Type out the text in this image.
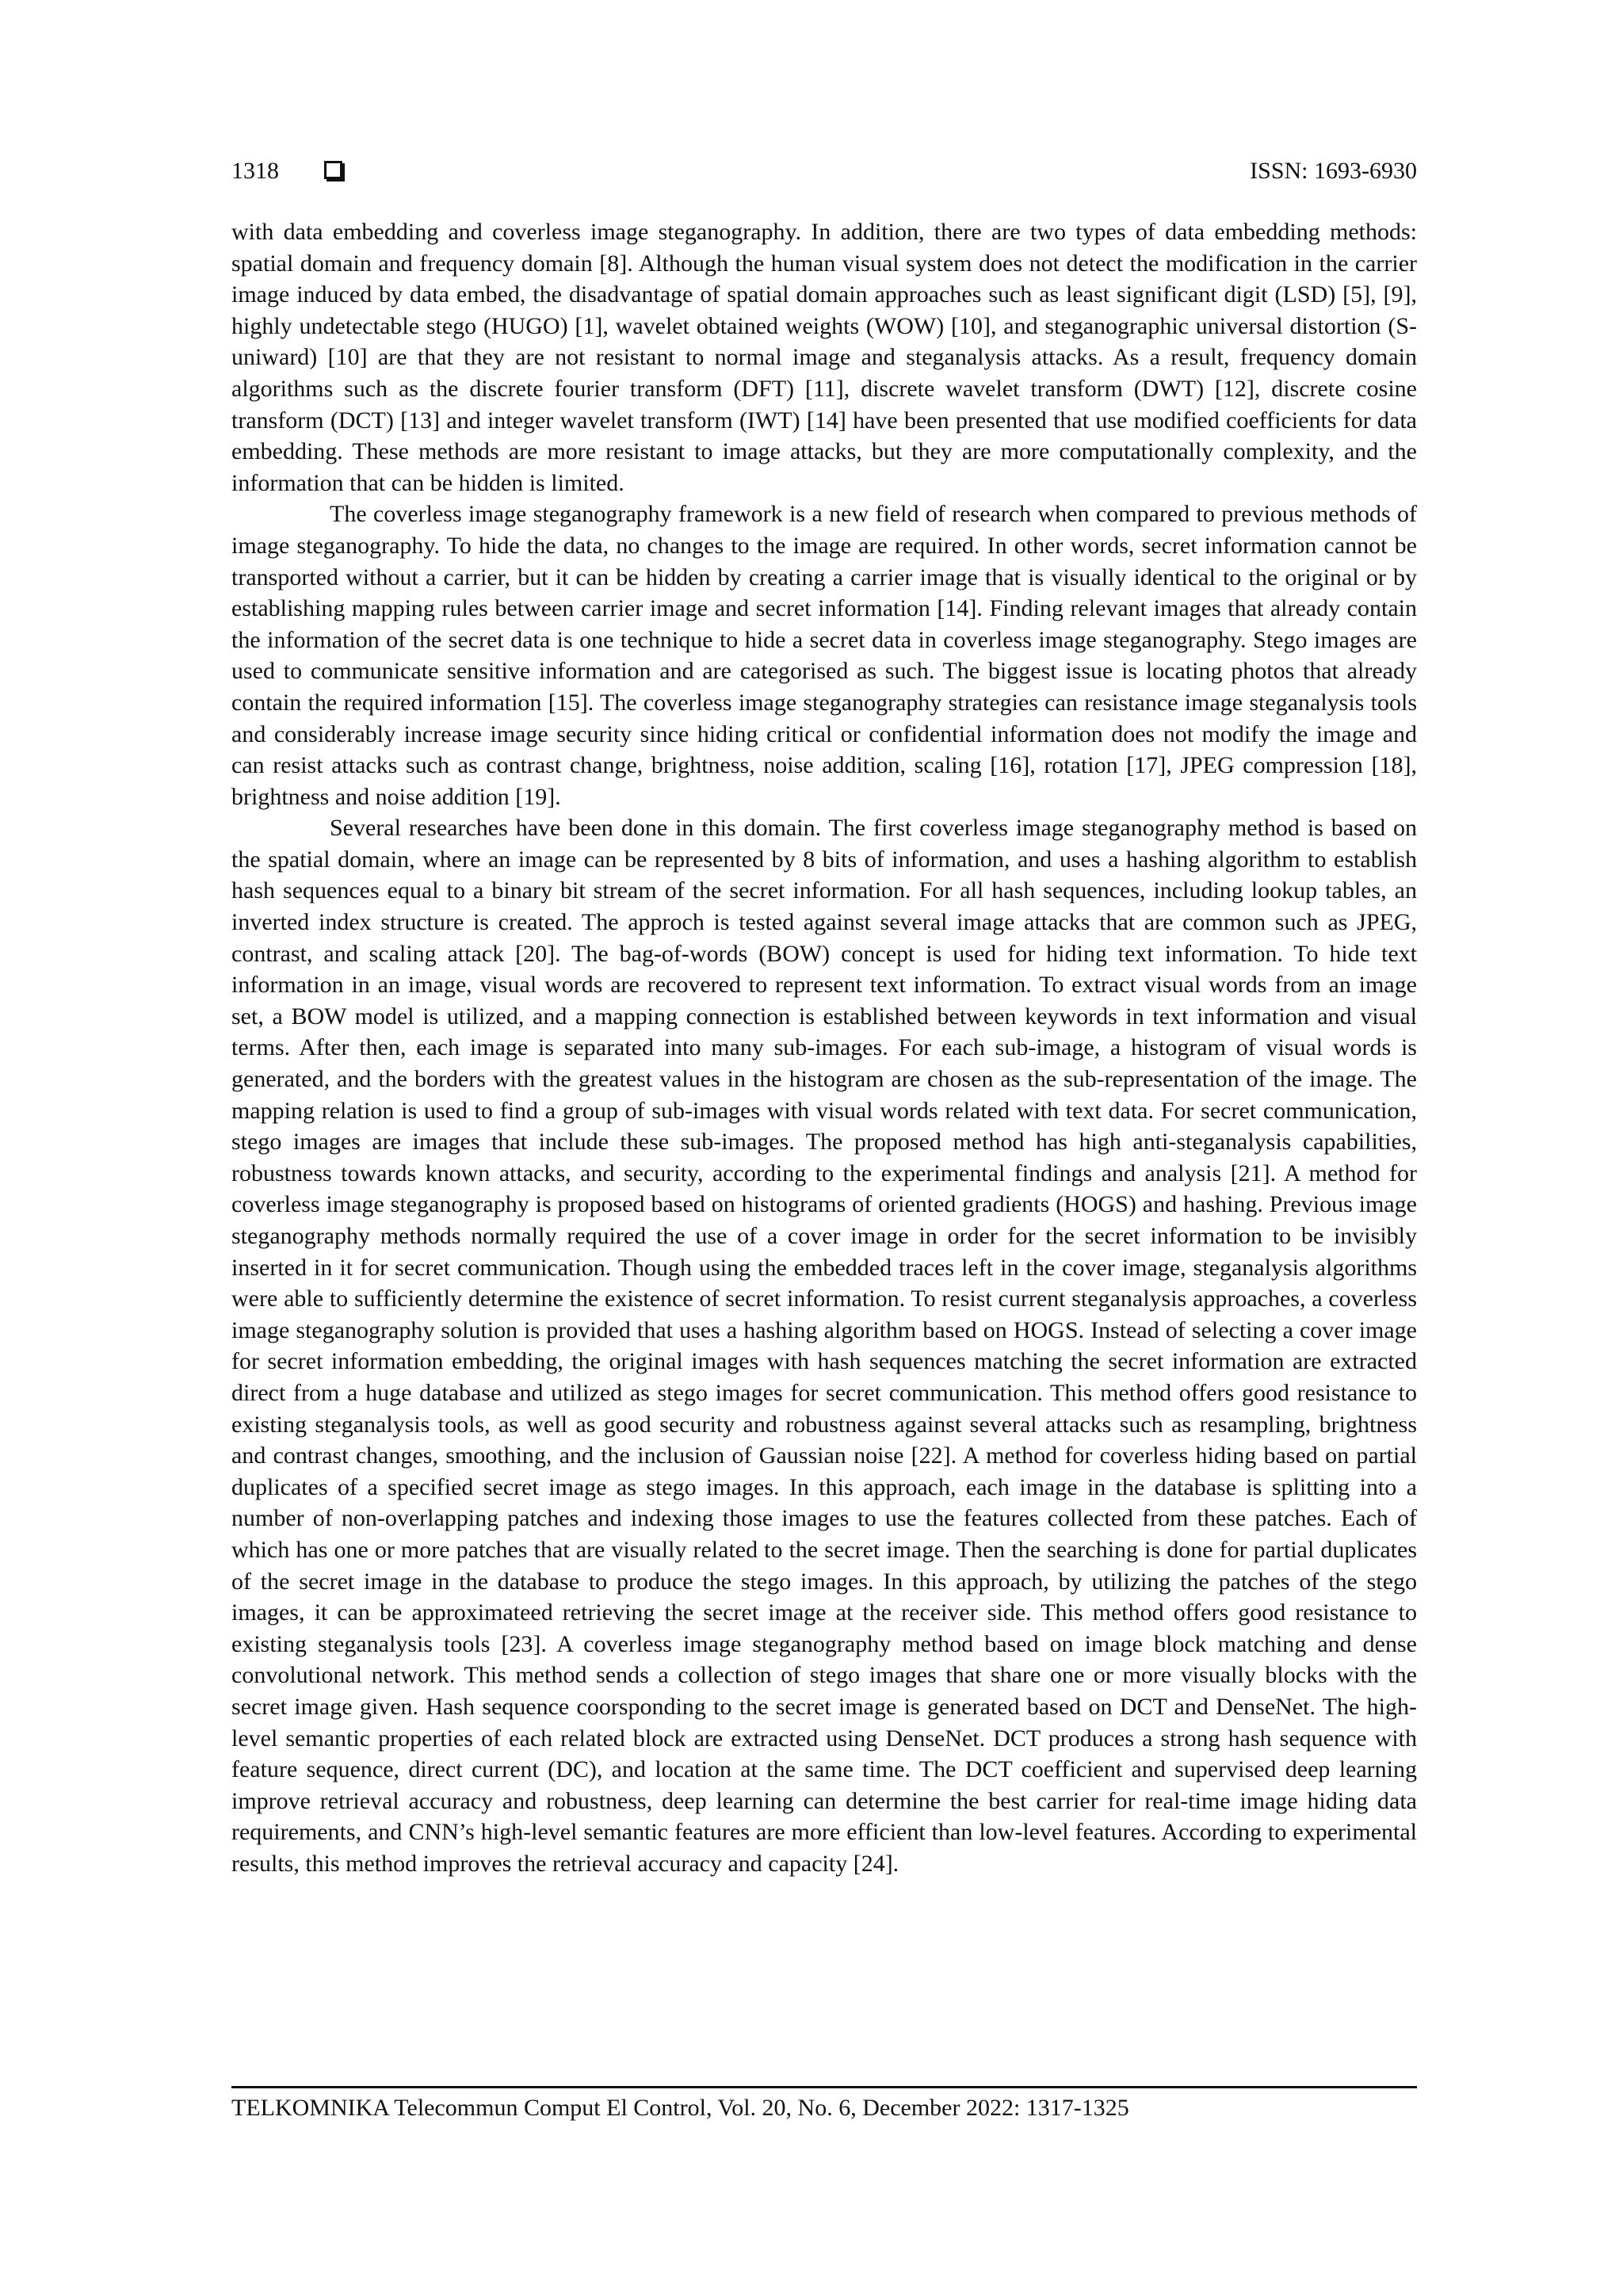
1318	ISSN: 1693-6930

with data embedding and coverless image steganography. In addition, there are two types of data embedding methods: spatial domain and frequency domain [8]. Although the human visual system does not detect the modification in the carrier image induced by data embed, the disadvantage of spatial domain approaches such as least significant digit (LSD) [5], [9], highly undetectable stego (HUGO) [1], wavelet obtained weights (WOW) [10], and steganographic universal distortion (S-uniward) [10] are that they are not resistant to normal image and steganalysis attacks. As a result, frequency domain algorithms such as the discrete fourier transform (DFT) [11], discrete wavelet transform (DWT) [12], discrete cosine transform (DCT) [13] and integer wavelet transform (IWT) [14] have been presented that use modified coefficients for data embedding. These methods are more resistant to image attacks, but they are more computationally complexity, and the information that can be hidden is limited.

The coverless image steganography framework is a new field of research when compared to previous methods of image steganography. To hide the data, no changes to the image are required. In other words, secret information cannot be transported without a carrier, but it can be hidden by creating a carrier image that is visually identical to the original or by establishing mapping rules between carrier image and secret information [14]. Finding relevant images that already contain the information of the secret data is one technique to hide a secret data in coverless image steganography. Stego images are used to communicate sensitive information and are categorised as such. The biggest issue is locating photos that already contain the required information [15]. The coverless image steganography strategies can resistance image steganalysis tools and considerably increase image security since hiding critical or confidential information does not modify the image and can resist attacks such as contrast change, brightness, noise addition, scaling [16], rotation [17], JPEG compression [18], brightness and noise addition [19].

Several researches have been done in this domain. The first coverless image steganography method is based on the spatial domain, where an image can be represented by 8 bits of information, and uses a hashing algorithm to establish hash sequences equal to a binary bit stream of the secret information. For all hash sequences, including lookup tables, an inverted index structure is created. The approch is tested against several image attacks that are common such as JPEG, contrast, and scaling attack [20]. The bag-of-words (BOW) concept is used for hiding text information. To hide text information in an image, visual words are recovered to represent text information. To extract visual words from an image set, a BOW model is utilized, and a mapping connection is established between keywords in text information and visual terms. After then, each image is separated into many sub-images. For each sub-image, a histogram of visual words is generated, and the borders with the greatest values in the histogram are chosen as the sub-representation of the image. The mapping relation is used to find a group of sub-images with visual words related with text data. For secret communication, stego images are images that include these sub-images. The proposed method has high anti-steganalysis capabilities, robustness towards known attacks, and security, according to the experimental findings and analysis [21]. A method for coverless image steganography is proposed based on histograms of oriented gradients (HOGS) and hashing. Previous image steganography methods normally required the use of a cover image in order for the secret information to be invisibly inserted in it for secret communication. Though using the embedded traces left in the cover image, steganalysis algorithms were able to sufficiently determine the existence of secret information. To resist current steganalysis approaches, a coverless image steganography solution is provided that uses a hashing algorithm based on HOGS. Instead of selecting a cover image for secret information embedding, the original images with hash sequences matching the secret information are extracted direct from a huge database and utilized as stego images for secret communication. This method offers good resistance to existing steganalysis tools, as well as good security and robustness against several attacks such as resampling, brightness and contrast changes, smoothing, and the inclusion of Gaussian noise [22]. A method for coverless hiding based on partial duplicates of a specified secret image as stego images. In this approach, each image in the database is splitting into a number of non-overlapping patches and indexing those images to use the features collected from these patches. Each of which has one or more patches that are visually related to the secret image. Then the searching is done for partial duplicates of the secret image in the database to produce the stego images. In this approach, by utilizing the patches of the stego images, it can be approximateed retrieving the secret image at the receiver side. This method offers good resistance to existing steganalysis tools [23]. A coverless image steganography method based on image block matching and dense convolutional network. This method sends a collection of stego images that share one or more visually blocks with the secret image given. Hash sequence coorsponding to the secret image is generated based on DCT and DenseNet. The high-level semantic properties of each related block are extracted using DenseNet. DCT produces a strong hash sequence with feature sequence, direct current (DC), and location at the same time. The DCT coefficient and supervised deep learning improve retrieval accuracy and robustness, deep learning can determine the best carrier for real-time image hiding data requirements, and CNN’s high-level semantic features are more efficient than low-level features. According to experimental results, this method improves the retrieval accuracy and capacity [24].

TELKOMNIKA Telecommun Comput El Control, Vol. 20, No. 6, December 2022: 1317-1325
